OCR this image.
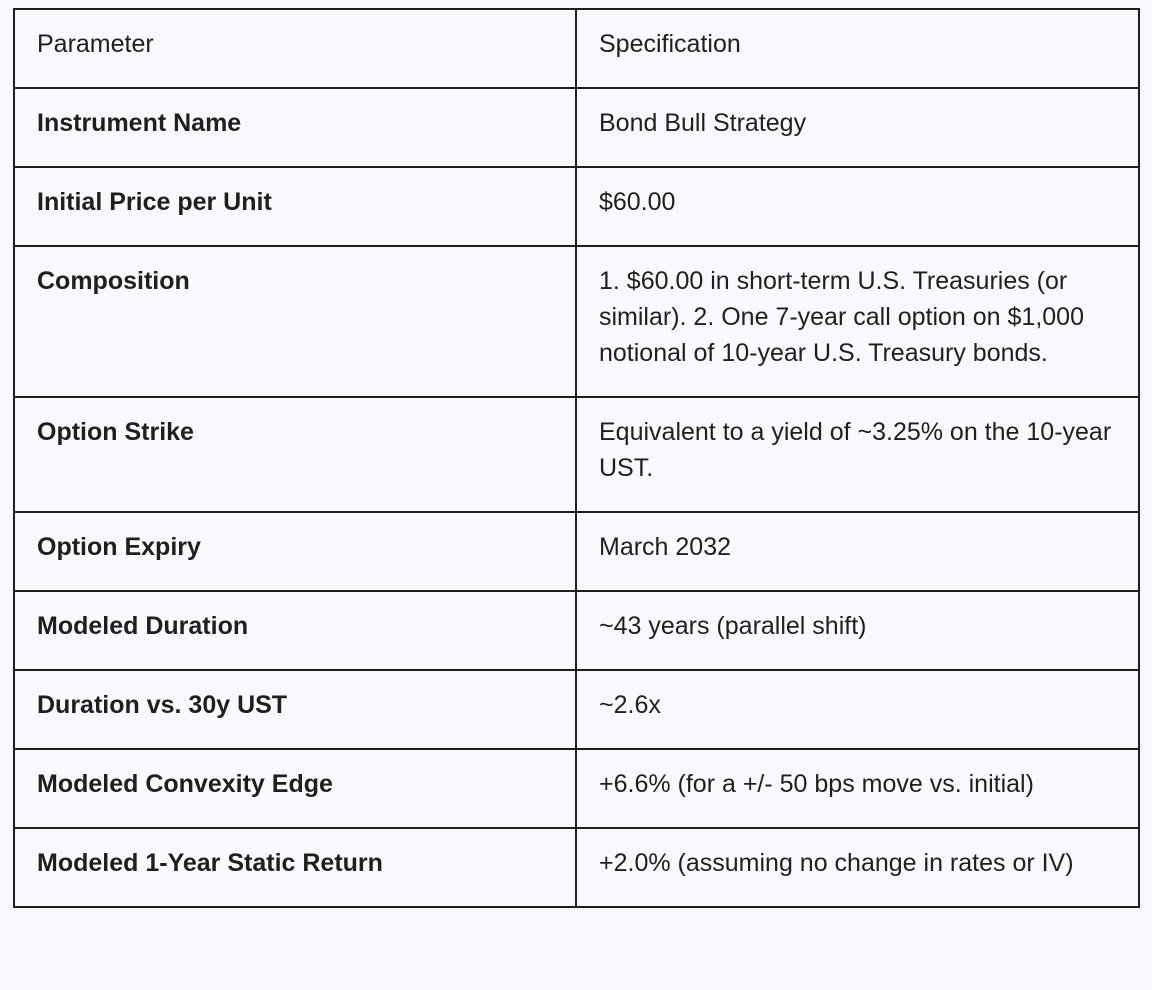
Parameter	Specification
Instrument Name	Bond Bull Strategy
Initial Price per Unit	$60.00
Composition	1. $60.00 in short-term U.S. Treasuries (or similar). 2. One 7-year call option on $1,000 notional of 10-year U.S. Treasury bonds.
Option Strike	Equivalent to a yield of ~3.25% on the 10-year UST.
Option Expiry	March 2032
Modeled Duration	~43 years (parallel shift)
Duration vs. 30y UST	~2.6x
Modeled Convexity Edge	+6.6% (for a +/- 50 bps move vs. initial)
Modeled 1-Year Static Return	+2.0% (assuming no change in rates or IV)
